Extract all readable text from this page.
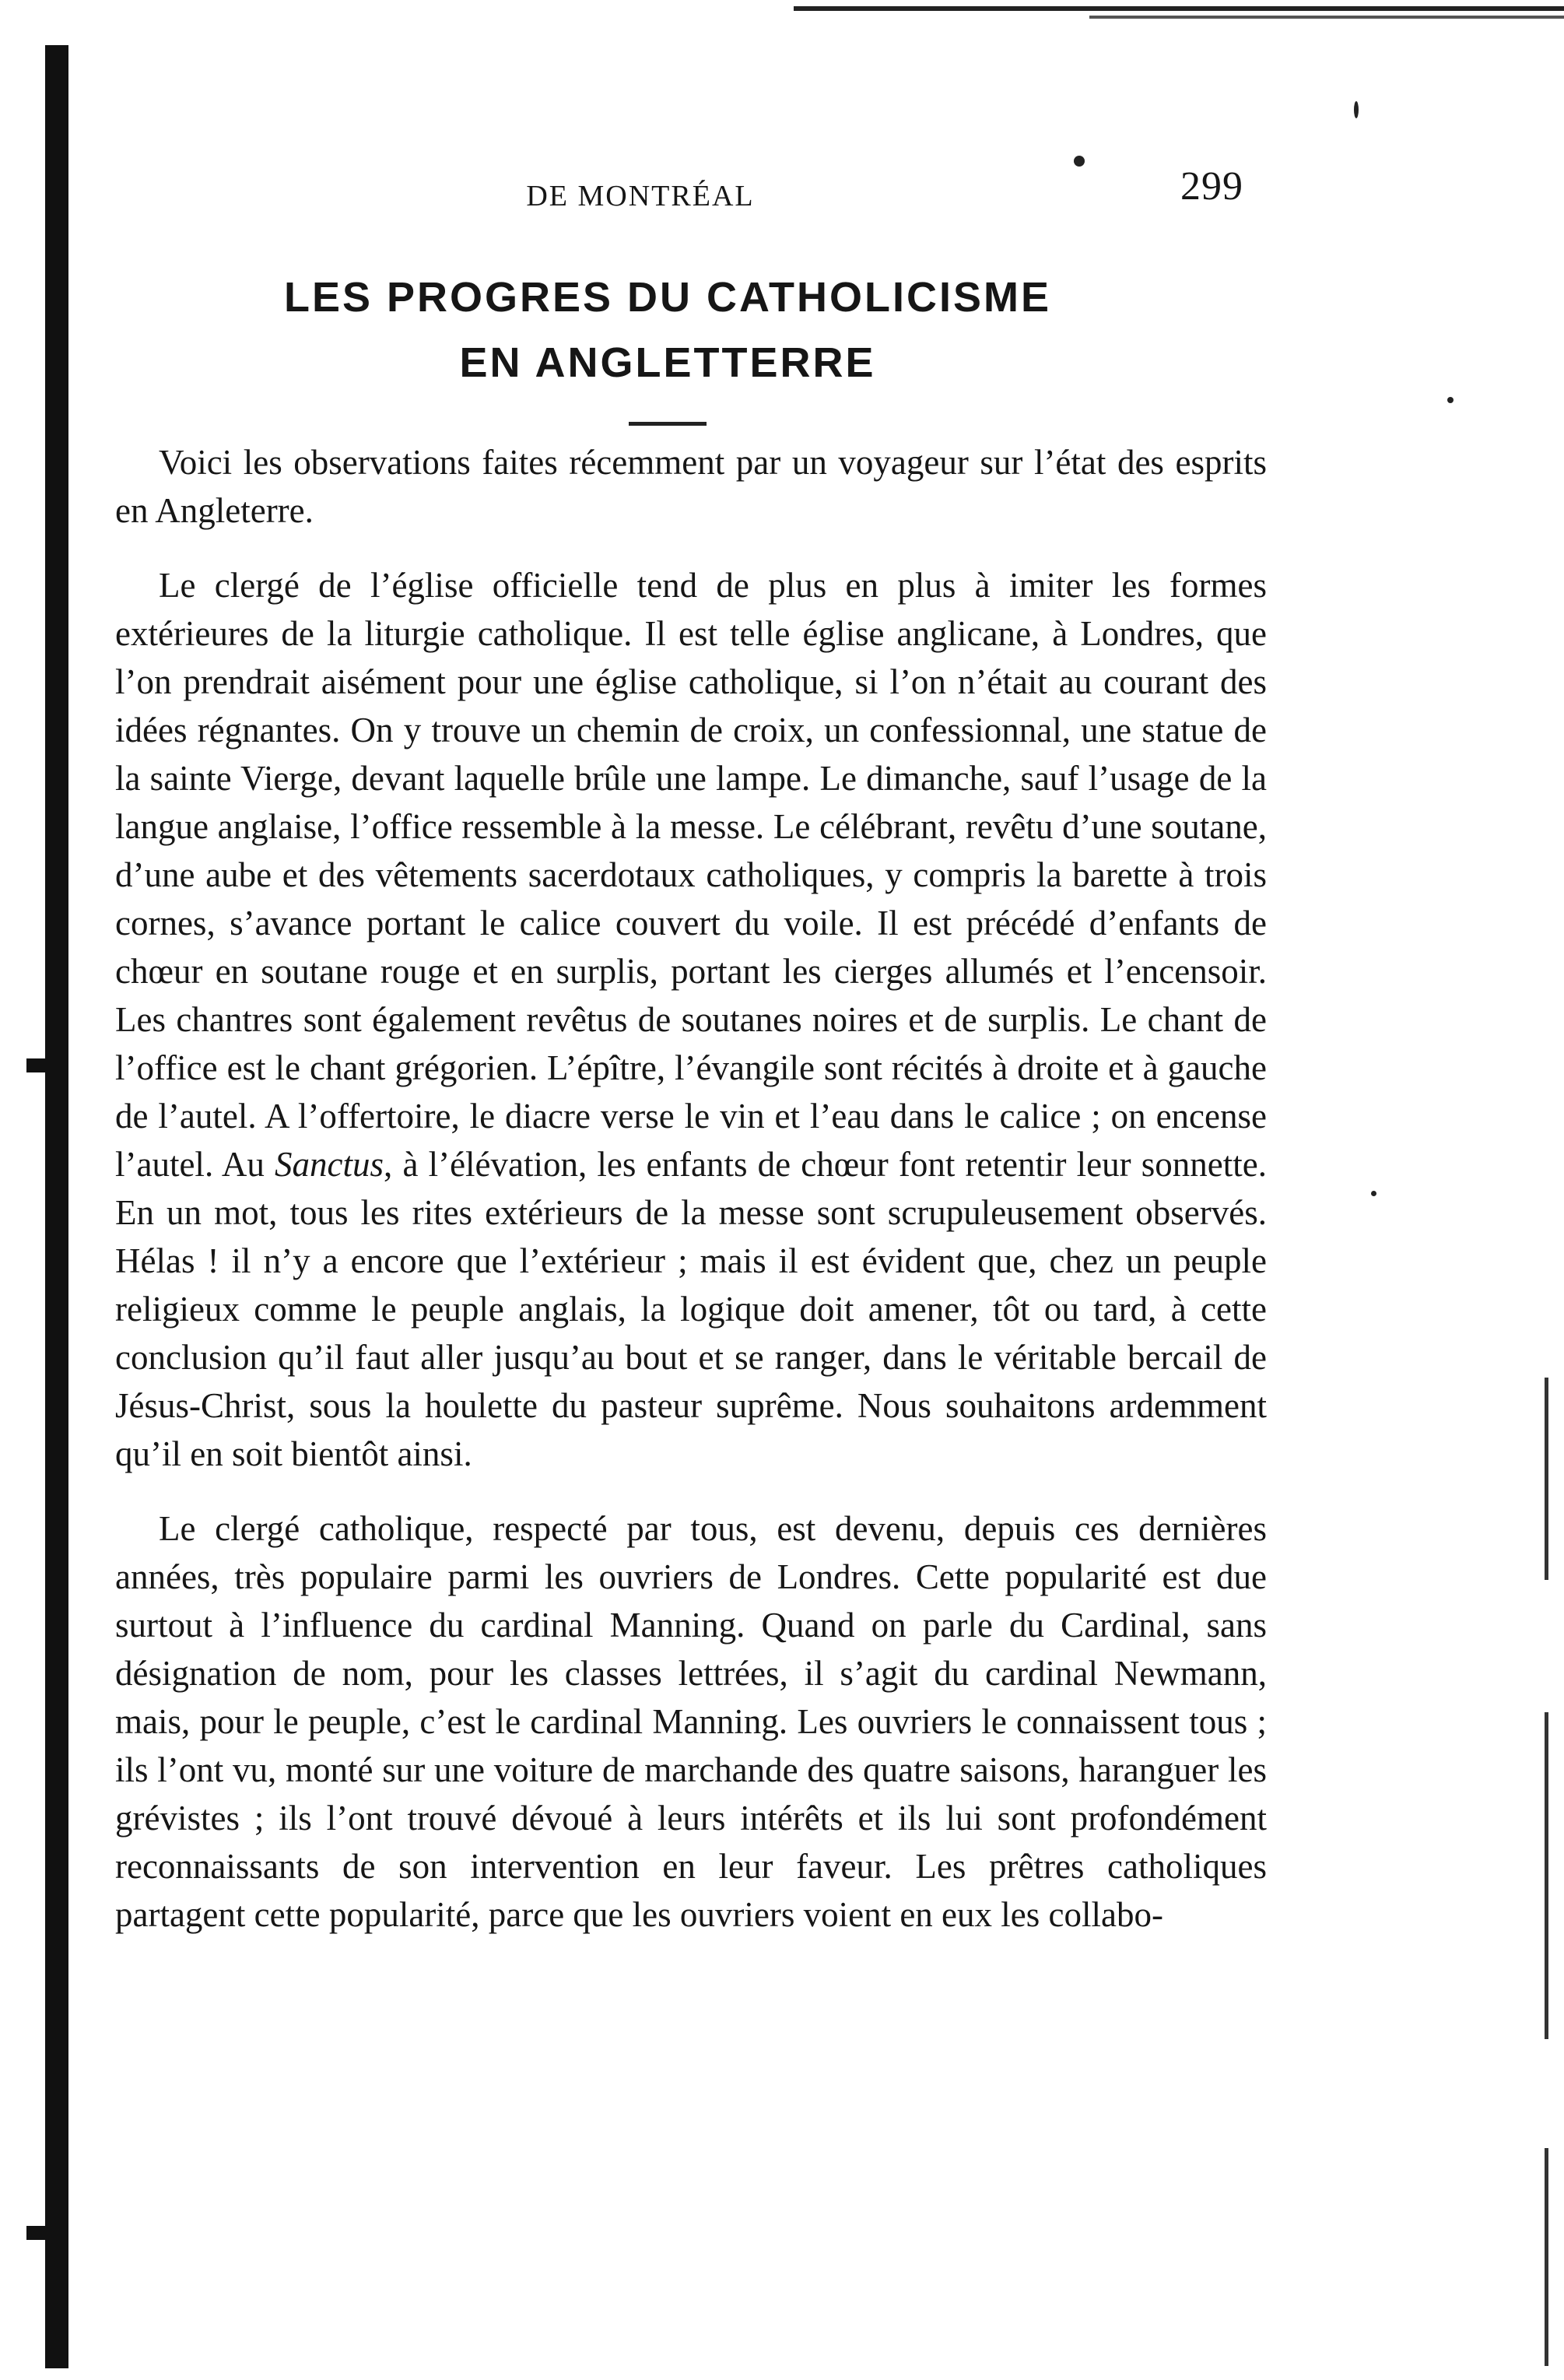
DE MONTRÉAL	299
LES PROGRES DU CATHOLICISME
EN ANGLETTERRE

Voici les observations faites récemment par un voyageur sur l’état des esprits en Angleterre.

Le clergé de l’église officielle tend de plus en plus à imiter les formes extérieures de la liturgie catholique. Il est telle église anglicane, à Londres, que l’on prendrait aisément pour une église catholique, si l’on n’était au courant des idées régnantes. On y trouve un chemin de croix, un confessionnal, une statue de la sainte Vierge, devant laquelle brûle une lampe. Le dimanche, sauf l’usage de la langue anglaise, l’office ressemble à la messe. Le célébrant, revêtu d’une soutane, d’une aube et des vêtements sacerdotaux catholiques, y compris la barette à trois cornes, s’avance portant le calice couvert du voile. Il est précédé d’enfants de chœur en soutane rouge et en surplis, portant les cierges allumés et l’encensoir. Les chantres sont également revêtus de soutanes noires et de surplis. Le chant de l’office est le chant grégorien. L’épître, l’évangile sont récités à droite et à gauche de l’autel. A l’offertoire, le diacre verse le vin et l’eau dans le calice ; on encense l’autel. Au Sanctus, à l’élévation, les enfants de chœur font retentir leur sonnette. En un mot, tous les rites extérieurs de la messe sont scrupuleusement observés. Hélas ! il n’y a encore que l’extérieur ; mais il est évident que, chez un peuple religieux comme le peuple anglais, la logique doit amener, tôt ou tard, à cette conclusion qu’il faut aller jusqu’au bout et se ranger, dans le véritable bercail de Jésus-Christ, sous la houlette du pasteur suprême. Nous souhaitons ardemment qu’il en soit bientôt ainsi.

Le clergé catholique, respecté par tous, est devenu, depuis ces dernières années, très populaire parmi les ouvriers de Londres. Cette popularité est due surtout à l’influence du cardinal Manning. Quand on parle du Cardinal, sans désignation de nom, pour les classes lettrées, il s’agit du cardinal Newmann, mais, pour le peuple, c’est le cardinal Manning. Les ouvriers le connaissent tous ; ils l’ont vu, monté sur une voiture de marchande des quatre saisons, haranguer les grévistes ; ils l’ont trouvé dévoué à leurs intérêts et ils lui sont profondément reconnaissants de son intervention en leur faveur. Les prêtres catholiques partagent cette popularité, parce que les ouvriers voient en eux les collabo-
